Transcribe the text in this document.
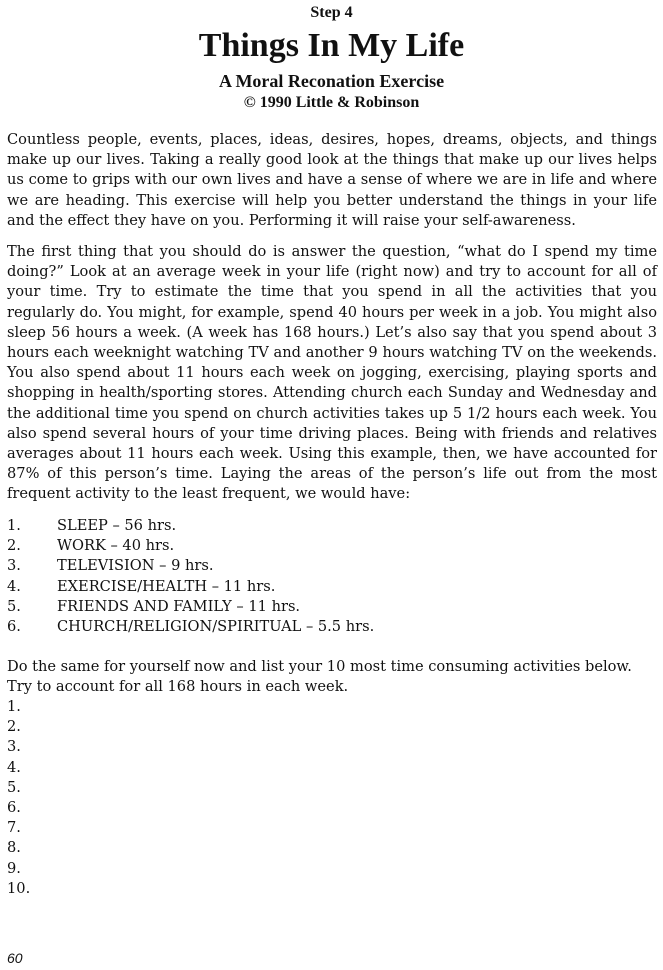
Step 4
Things In My Life
A Moral Reconation Exercise
© 1990 Little & Robinson

Countless people, events, places, ideas, desires, hopes, dreams, objects, and things make up our lives. Taking a really good look at the things that make up our lives helps us come to grips with our own lives and have a sense of where we are in life and where we are heading. This exercise will help you better understand the things in your life and the effect they have on you. Performing it will raise your self-awareness.

The first thing that you should do is answer the question, “what do I spend my time doing?” Look at an average week in your life (right now) and try to account for all of your time. Try to estimate the time that you spend in all the activities that you regularly do. You might, for example, spend 40 hours per week in a job. You might also sleep 56 hours a week. (A week has 168 hours.) Let’s also say that you spend about 3 hours each weeknight watching TV and another 9 hours watching TV on the weekends. You also spend about 11 hours each week on jogging, exercising, playing sports and shopping in health/sporting stores. Attending church each Sunday and Wednesday and the additional time you spend on church activities takes up 5 1/2 hours each week. You also spend several hours of your time driving places. Being with friends and relatives averages about 11 hours each week. Using this example, then, we have accounted for 87% of this person’s time. Laying the areas of the person’s life out from the most frequent activity to the least frequent, we would have:

1.	SLEEP – 56 hrs.
2.	WORK – 40 hrs.
3.	TELEVISION – 9 hrs.
4.	EXERCISE/HEALTH – 11 hrs.
5.	FRIENDS AND FAMILY – 11 hrs.
6.	CHURCH/RELIGION/SPIRITUAL – 5.5 hrs.

Do the same for yourself now and list your 10 most time consuming activities below. Try to account for all 168 hours in each week.

1.
2.
3.
4.
5.
6.
7.
8.
9.
10.
60
